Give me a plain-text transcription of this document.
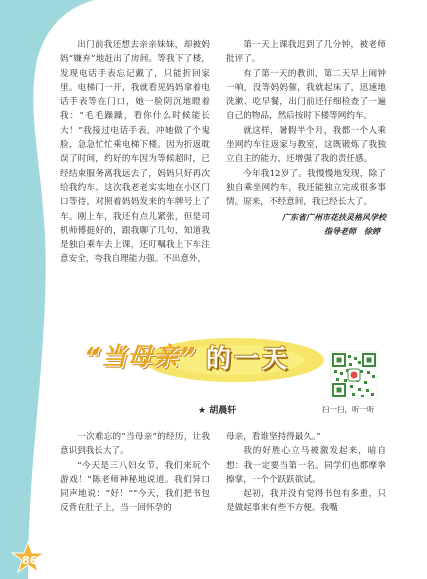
出门前我还想去亲亲妹妹，却被妈妈“嫌弃”地赶出了房间。等我下了楼，发现电话手表忘记戴了，只能折回家里。电梯门一开，我就看见妈妈拿着电话手表等在门口，她一脸阴沉地瞪着我：“毛毛躁躁，看你什么时候能长大！”我接过电话手表，冲她做了个鬼脸，急急忙忙乘电梯下楼。因为折返耽误了时间，约好的车因为等候超时，已经结束服务离我远去了，妈妈只好再次给我约车。这次我老老实实地在小区门口等待，对照着妈妈发来的车牌号上了车。刚上车，我还有点儿紧张，但是司机师傅挺好的，跟我聊了几句，知道我是独自乘车去上课，还叮嘱我上下车注意安全，夸我自理能力强。不出意外，

第一天上课我迟到了几分钟，被老师批评了。

有了第一天的教训，第二天早上闹钟一响，没等妈妈催，我就起床了，迅速地洗漱、吃早餐，出门前还仔细检查了一遍自己的物品，然后按时下楼等网约车。

就这样，暑假半个月，我都一个人乘坐网约车往返家与教室，这既锻炼了我独立自主的能力，还增强了我的责任感。

今年我12岁了。我慢慢地发现，除了独自乘坐网约车，我还能独立完成很多事情。原来，不经意间，我已经长大了。

广东省广州市花扶灵格风学校

指导老师　徐婷

“当母亲” 的一天
★ 胡晨轩	扫一扫，听一听

一次难忘的“当母亲”的经历，让我意识到我长大了。

“今天是三八妇女节，我们来玩个游戏！”陈老师神秘地说道。我们异口同声地说：“好！”“今天，我们把书包反背在肚子上，当一回怀孕的

母亲，看谁坚持得最久。”

我的好胜心立马被激发起来，暗自想：我一定要当第一名。同学们也都摩拳擦掌，一个个跃跃欲试。

起初，我并没有觉得书包有多重，只是做起事来有些不方便。我嘴

86
